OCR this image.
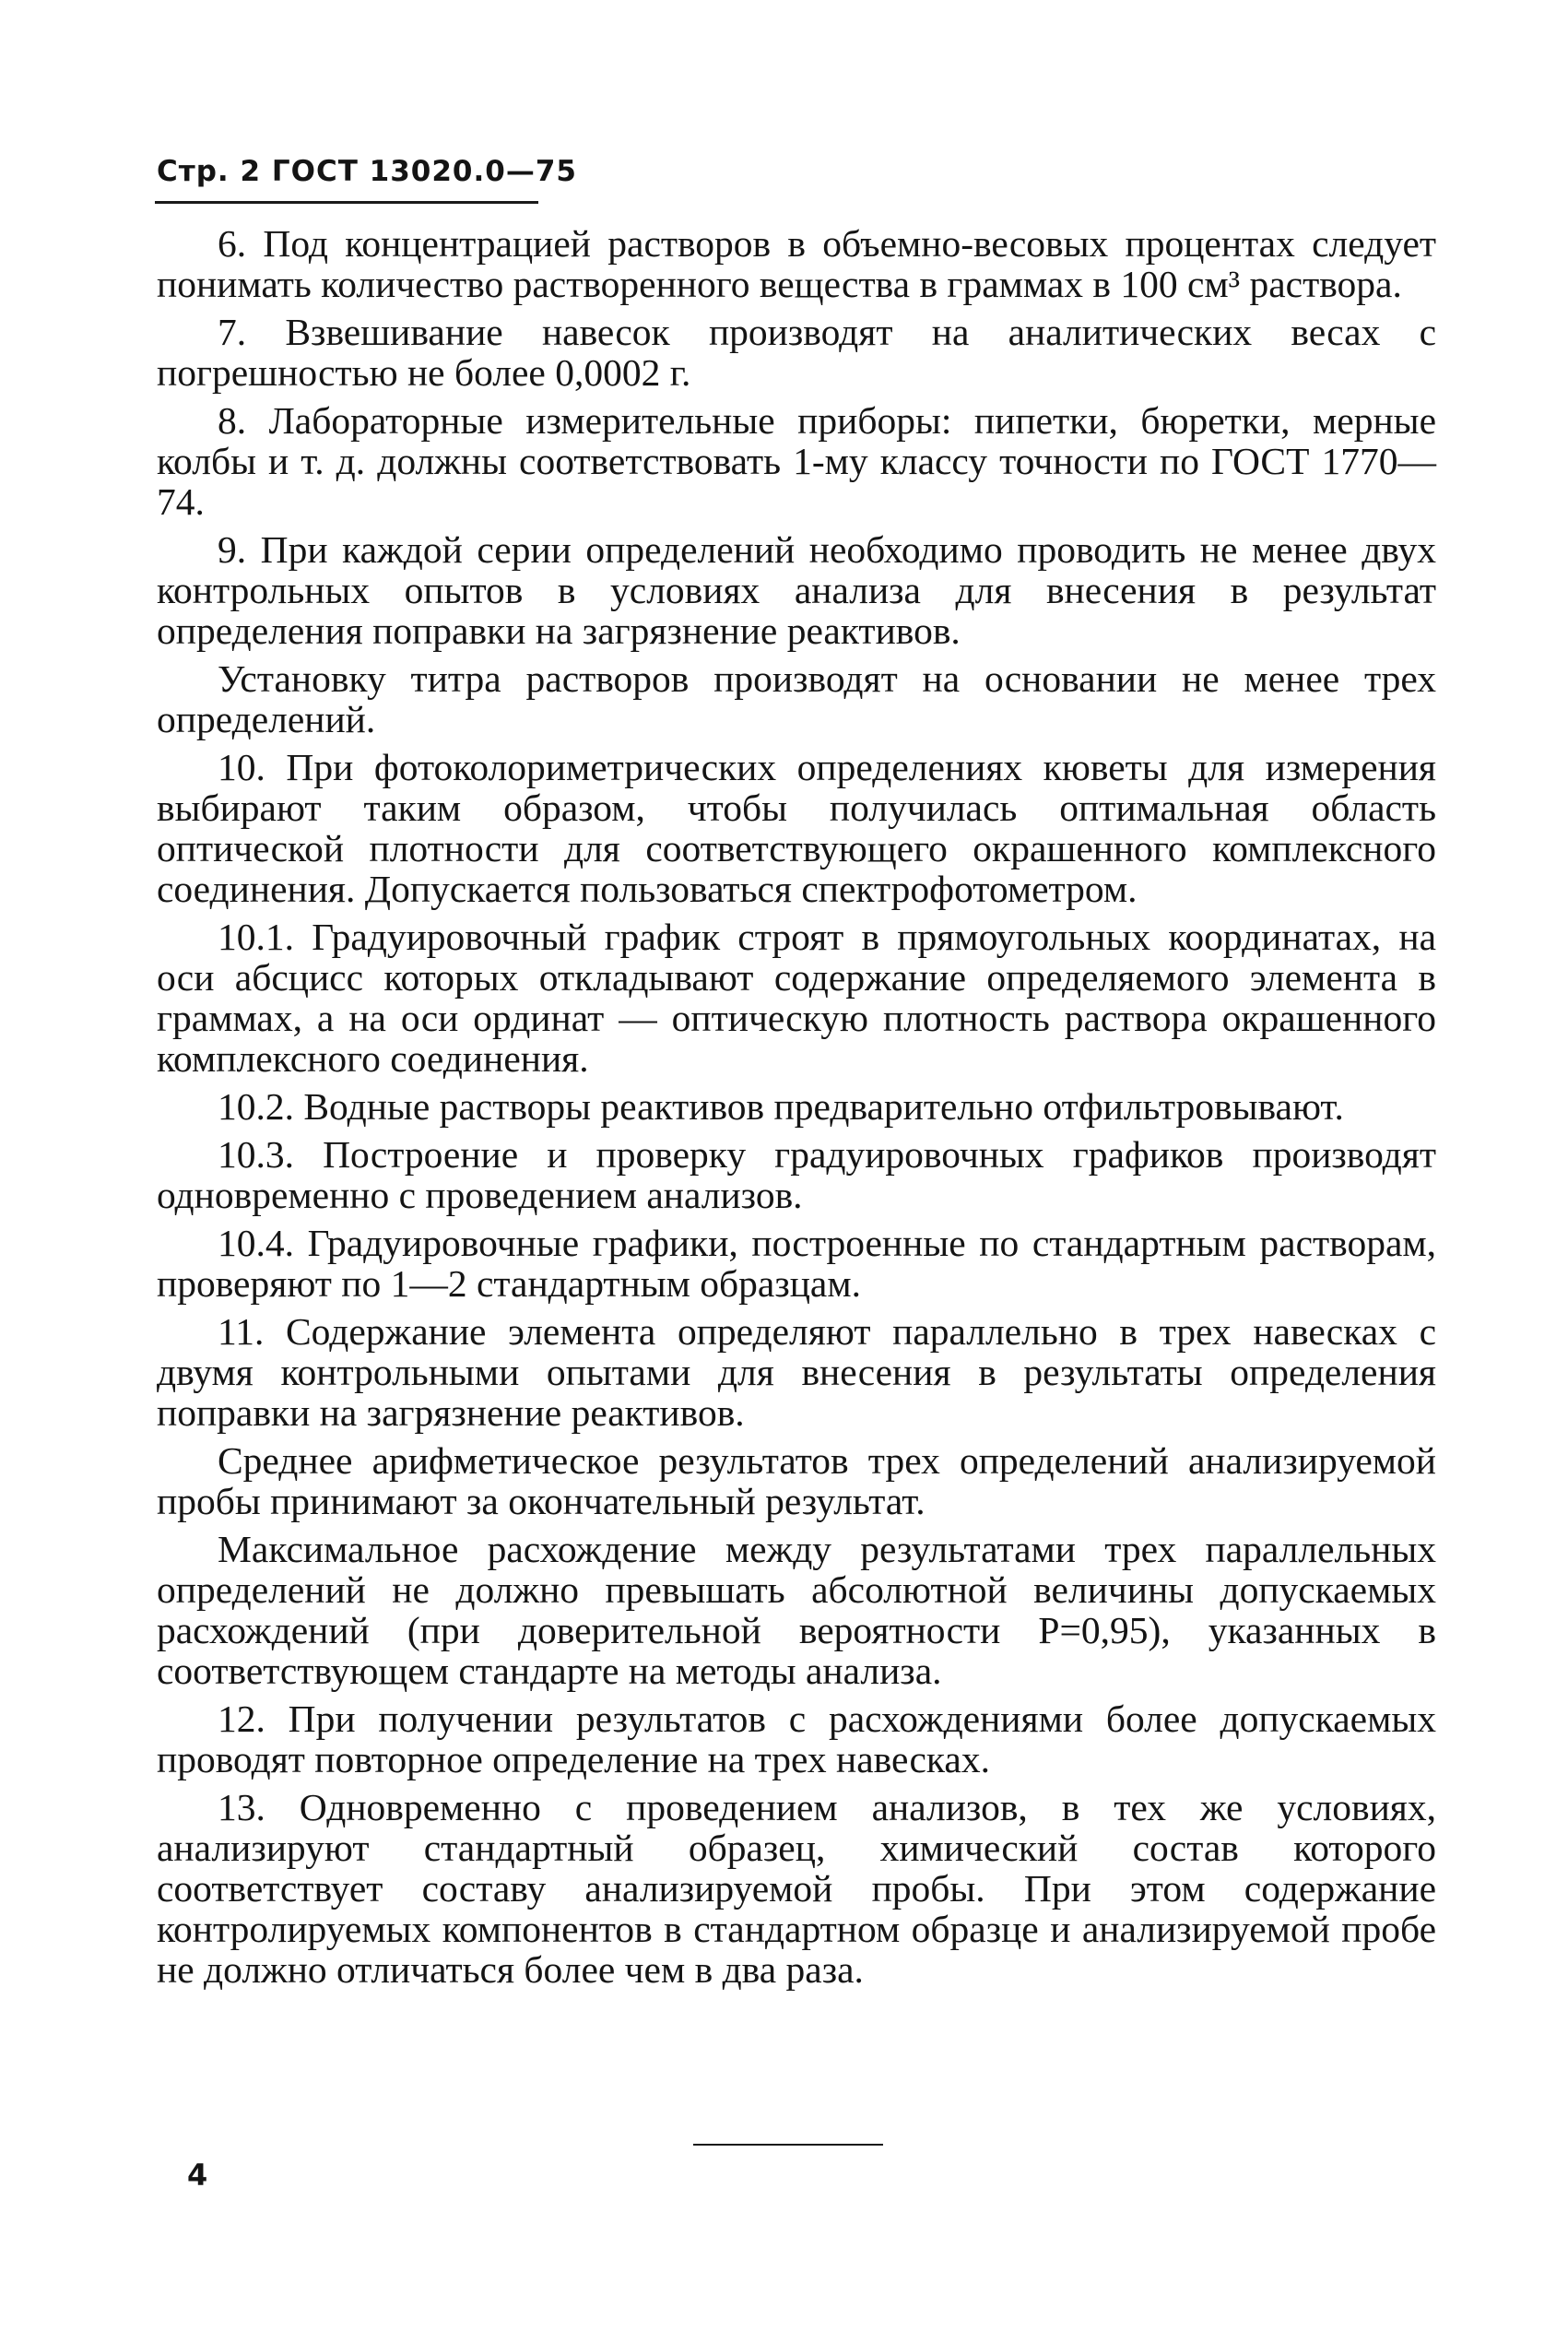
Стр. 2 ГОСТ 13020.0—75

6. Под концентрацией растворов в объемно-весовых процентах следует понимать количество растворенного вещества в граммах в 100 см³ раствора.

7. Взвешивание навесок производят на аналитических весах с погрешностью не более 0,0002 г.

8. Лабораторные измерительные приборы: пипетки, бюретки, мерные колбы и т. д. должны соответствовать 1-му классу точности по ГОСТ 1770—74.

9. При каждой серии определений необходимо проводить не менее двух контрольных опытов в условиях анализа для внесения в результат определения поправки на загрязнение реактивов.

Установку титра растворов производят на основании не менее трех определений.

10. При фотоколориметрических определениях кюветы для измерения выбирают таким образом, чтобы получилась оптимальная область оптической плотности для соответствующего окрашенного комплексного соединения. Допускается пользоваться спектрофотометром.

10.1. Градуировочный график строят в прямоугольных координатах, на оси абсцисс которых откладывают содержание определяемого элемента в граммах, а на оси ординат — оптическую плотность раствора окрашенного комплексного соединения.

10.2. Водные растворы реактивов предварительно отфильтровывают.

10.3. Построение и проверку градуировочных графиков производят одновременно с проведением анализов.

10.4. Градуировочные графики, построенные по стандартным растворам, проверяют по 1—2 стандартным образцам.

11. Содержание элемента определяют параллельно в трех навесках с двумя контрольными опытами для внесения в результаты определения поправки на загрязнение реактивов.

Среднее арифметическое результатов трех определений анализируемой пробы принимают за окончательный результат.

Максимальное расхождение между результатами трех параллельных определений не должно превышать абсолютной величины допускаемых расхождений (при доверительной вероятности Р=0,95), указанных в соответствующем стандарте на методы анализа.

12. При получении результатов с расхождениями более допускаемых проводят повторное определение на трех навесках.

13. Одновременно с проведением анализов, в тех же условиях, анализируют стандартный образец, химический состав которого соответствует составу анализируемой пробы. При этом содержание контролируемых компонентов в стандартном образце и анализируемой пробе не должно отличаться более чем в два раза.

4
